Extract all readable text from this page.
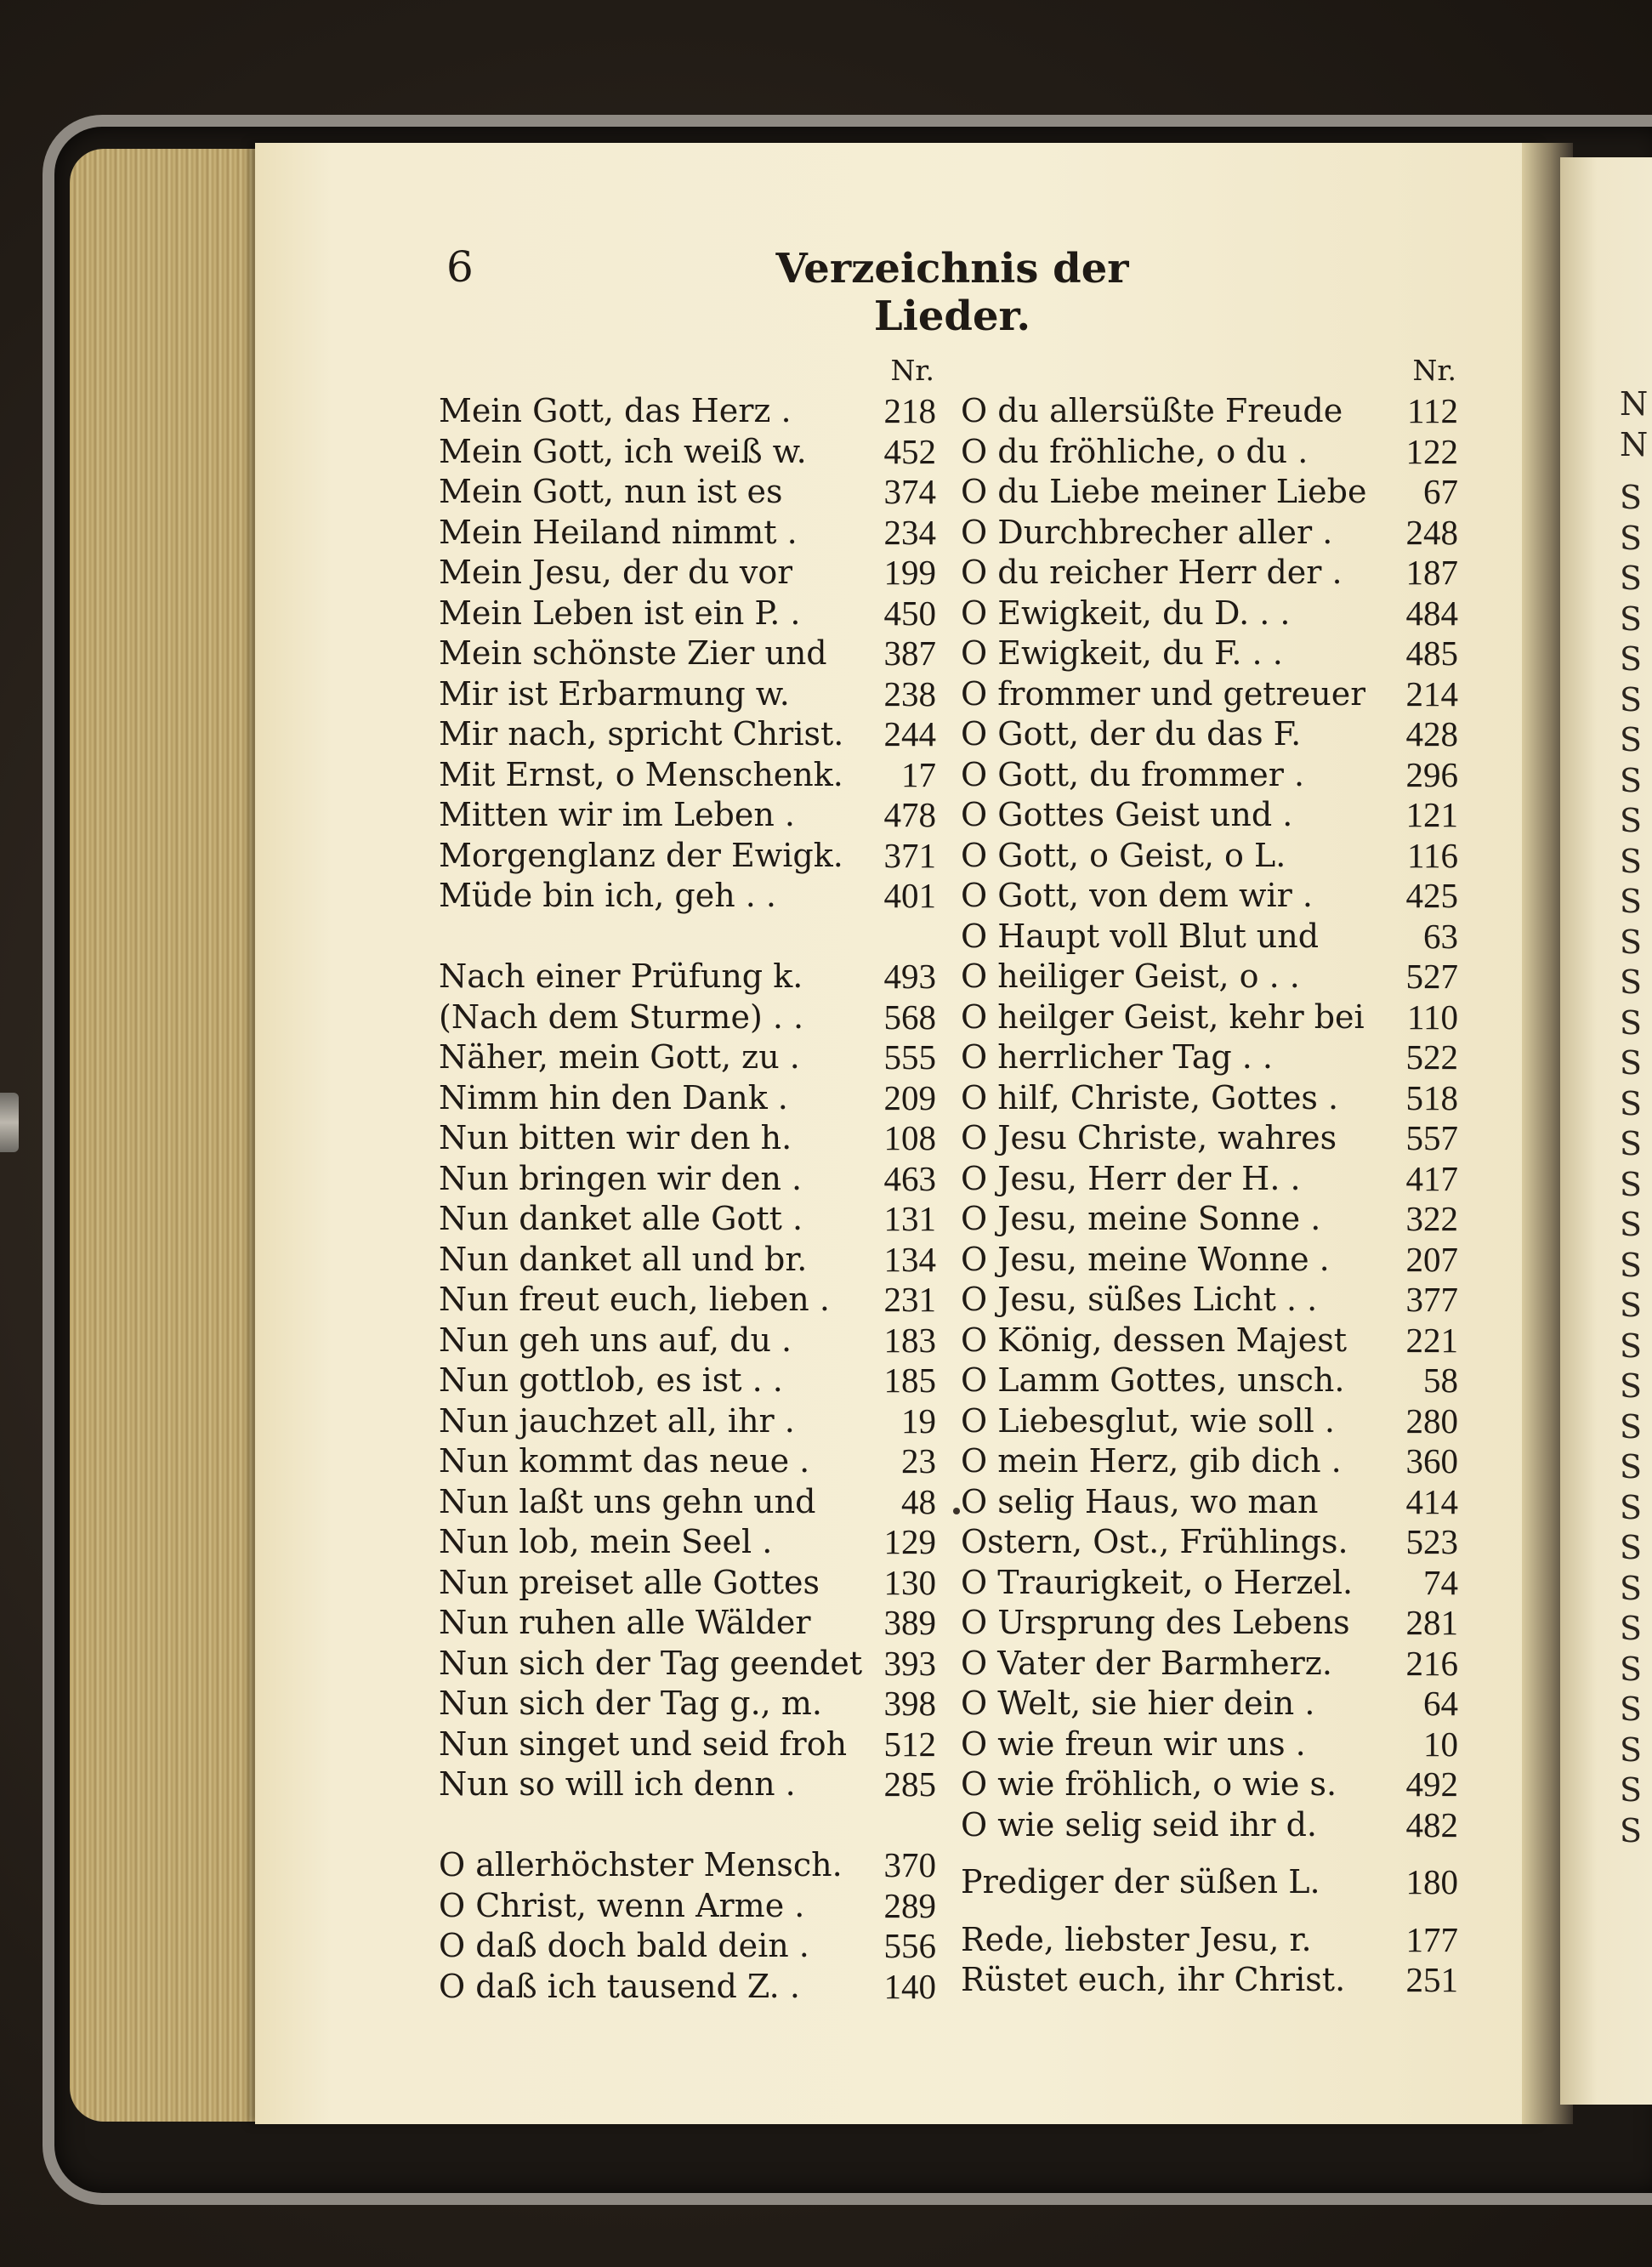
N
N
S
S
S
S
S
S
S
S
S
S
S
S
S
S
S
S
S
S
S
S
S
S
S
S
S
S
S
S
S
S
S
S
S
S
6	Verzeichnis der Lieder.
Nr.
Mein Gott, das Herz .	218
Mein Gott, ich weiß w. 452
Mein Gott, nun ist es	374
Mein Heiland nimmt . 234
Mein Jesu, der du vor	199
Mein Leben ist ein P. . 450
Mein schönste Zier und 387
Mir ist Erbarmung w.	238
Mir nach, spricht Christ. 244
Mit Ernst, o Menschenk.	17
Mitten wir im Leben .	478
Morgenglanz der Ewigk. 371
Müde bin ich, geh . .	401
Nach einer Prüfung k. 493
(Nach dem Sturme) . . 568
Näher, mein Gott, zu . 555
Nimm hin den Dank .	209
Nun bitten wir den h.	108
Nun bringen wir den . 463
Nun danket alle Gott . 131
Nun danket all und br. 134
Nun freut euch, lieben . 231
Nun geh uns auf, du .	183
Nun gottlob, es ist . .	185
Nun jauchzet all, ihr .	19
Nun kommt das neue .	23
Nun laßt uns gehn und	48
Nun lob, mein Seel .	129
Nun preiset alle Gottes 130
Nun ruhen alle Wälder 389
Nun sich der Tag geendet 393
Nun sich der Tag g., m. 398
Nun singet und seid froh 512
Nun so will ich denn .	285
O allerhöchster Mensch. 370
O Christ, wenn Arme . 289
O daß doch bald dein . 556
O daß ich tausend Z. . 140
Nr.
O du allersüßte Freude 112
O du fröhliche, o du .	122
O du Liebe meiner Liebe	67
O Durchbrecher aller . 248
O du reicher Herr der . 187
O Ewigkeit, du D. . .	484
O Ewigkeit, du F. . .	485
O frommer und getreuer 214
O Gott, der du das F.	428
O Gott, du frommer .	296
O Gottes Geist und .	121
O Gott, o Geist, o L.	116
O Gott, von dem wir .	425
O Haupt voll Blut und	63
O heiliger Geist, o . .	527
O heilger Geist, kehr bei 110
O herrlicher Tag . .	522
O hilf, Christe, Gottes . 518
O Jesu Christe, wahres 557
O Jesu, Herr der H. .	417
O Jesu, meine Sonne . 322
O Jesu, meine Wonne . 207
O Jesu, süßes Licht . .	377
O König, dessen Majest 221
O Lamm Gottes, unsch.	58
O Liebesglut, wie soll . 280
O mein Herz, gib dich . 360
O selig Haus, wo man	414
Ostern, Ost., Frühlings. 523
O Traurigkeit, o Herzel.	74
O Ursprung des Lebens 281
O Vater der Barmherz. 216
O Welt, sie hier dein .	64
O wie freun wir uns .	10
O wie fröhlich, o wie s. 492
O wie selig seid ihr d.	482
Prediger der süßen L. 180
Rede, liebster Jesu, r.	177
Rüstet euch, ihr Christ. 251
